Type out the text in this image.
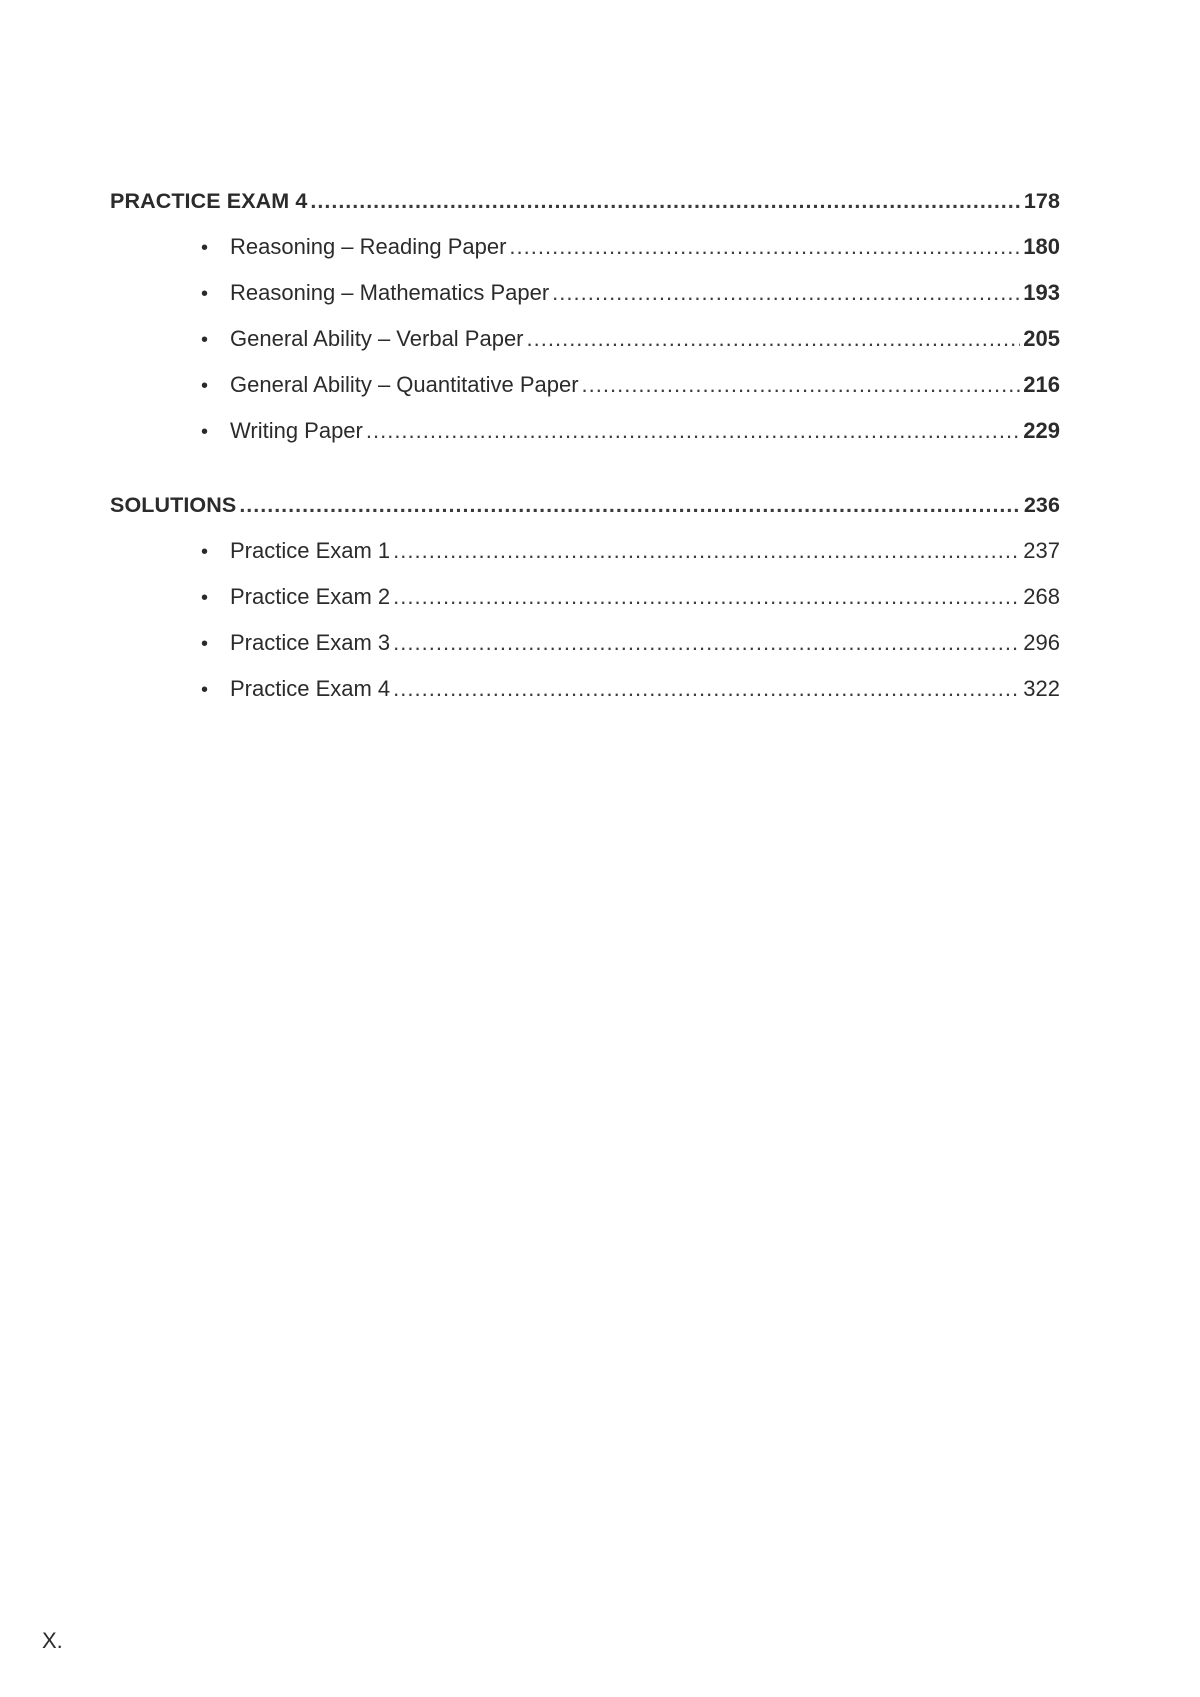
PRACTICE EXAM 4 .....	178
• Reasoning – Reading Paper .....	180
• Reasoning – Mathematics Paper .....	193
• General Ability – Verbal Paper .....	205
• General Ability – Quantitative Paper .....	216
• Writing Paper .....	229
SOLUTIONS .....	236
• Practice Exam 1 .....	237
• Practice Exam 2 .....	268
• Practice Exam 3 .....	296
• Practice Exam 4 .....	322
X.
